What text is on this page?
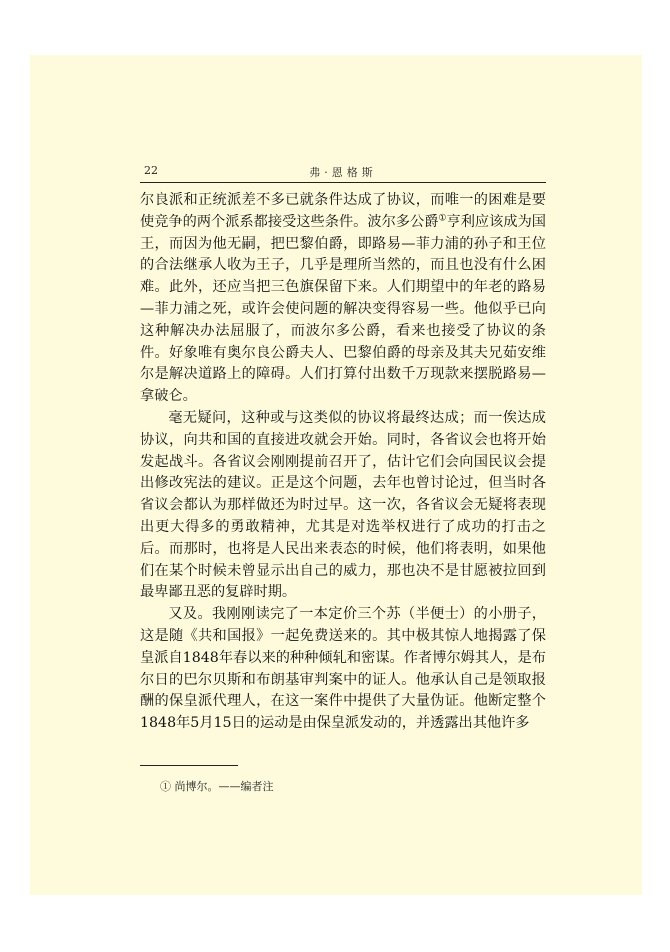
22	弗·恩格斯

尔良派和正统派差不多已就条件达成了协议，而唯一的困难是要使竞争的两个派系都接受这些条件。波尔多公爵①亨利应该成为国王，而因为他无嗣，把巴黎伯爵，即路易—菲力浦的孙子和王位的合法继承人收为王子，几乎是理所当然的，而且也没有什么困难。此外，还应当把三色旗保留下来。人们期望中的年老的路易—菲力浦之死，或许会使问题的解决变得容易一些。他似乎已向这种解决办法屈服了，而波尔多公爵，看来也接受了协议的条件。好象唯有奥尔良公爵夫人、巴黎伯爵的母亲及其夫兄茹安维尔是解决道路上的障碍。人们打算付出数千万现款来摆脱路易—拿破仑。

毫无疑问，这种或与这类似的协议将最终达成；而一俟达成协议，向共和国的直接进攻就会开始。同时，各省议会也将开始发起战斗。各省议会刚刚提前召开了，估计它们会向国民议会提出修改宪法的建议。正是这个问题，去年也曾讨论过，但当时各省议会都认为那样做还为时过早。这一次，各省议会无疑将表现出更大得多的勇敢精神，尤其是对选举权进行了成功的打击之后。而那时，也将是人民出来表态的时候，他们将表明，如果他们在某个时候未曾显示出自己的威力，那也决不是甘愿被拉回到最卑鄙丑恶的复辟时期。

又及。我刚刚读完了一本定价三个苏（半便士）的小册子，这是随《共和国报》一起免费送来的。其中极其惊人地揭露了保皇派自1848年春以来的种种倾轧和密谋。作者博尔姆其人，是布尔日的巴尔贝斯和布朗基审判案中的证人。他承认自己是领取报酬的保皇派代理人，在这一案件中提供了大量伪证。他断定整个1848年5月15日的运动是由保皇派发动的，并透露出其他许多

① 尚博尔。——编者注
